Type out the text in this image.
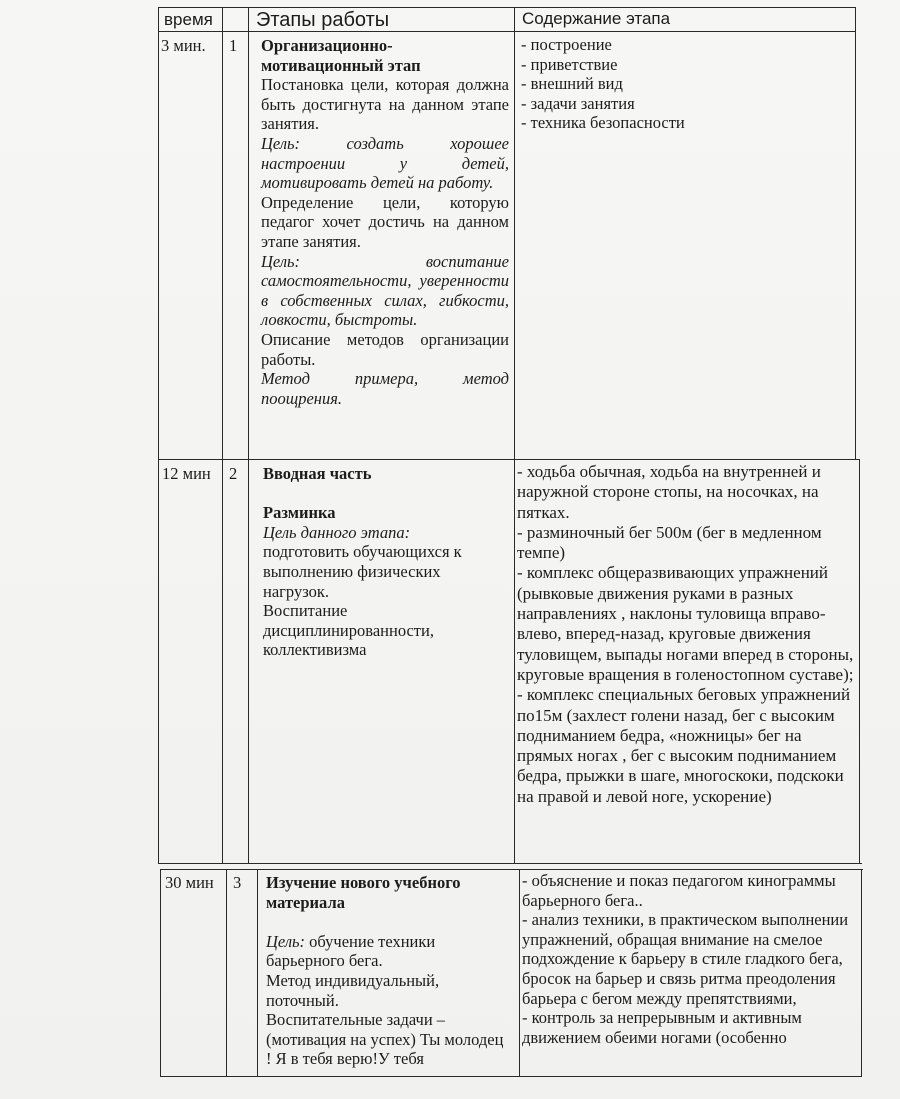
время Этапы работы	Содержание этапа
3 мин. 1 Организационно-мотивационный этап
Постановка цели, которая должна быть достигнута на данном этапе занятия.
Цель: создать хорошее настроении у детей, мотивировать детей на работу.
Определение цели, которую педагог хочет достичь на данном этапе занятия.
Цель: воспитание самостоятельности, уверенности в собственных силах, гибкости, ловкости, быстроты.
Описание методов организации работы.
Метод примера, метод поощрения.
- построение
- приветствие
- внешний вид
- задачи занятия
- техника безопасности
12 мин 2 Вводная часть
Разминка
Цель данного этапа:
подготовить обучающихся к выполнению физических нагрузок.
Воспитание дисциплинированности, коллективизма
- ходьба обычная, ходьба на внутренней и наружной стороне стопы, на носочках, на пятках.
- разминочный бег 500м (бег в медленном темпе)
- комплекс общеразвивающих упражнений (рывковые движения руками в разных направлениях , наклоны туловища вправо-влево, вперед-назад, круговые движения туловищем, выпады ногами вперед в стороны, круговые вращения в голеностопном суставе);
- комплекс специальных беговых упражнений по15м (захлест голени назад, бег с высоким подниманием бедра, «ножницы» бег на прямых ногах , бег с высоким подниманием бедра, прыжки в шаге, многоскоки, подскоки на правой и левой ноге, ускорение)
30 мин 3 Изучение нового учебного материала
Цель: обучение техники барьерного бега.
Метод индивидуальный, поточный.
Воспитательные задачи – (мотивация на успех) Ты молодец ! Я в тебя верю!У тебя
- объяснение и показ педагогом кинограммы барьерного бега..
- анализ техники, в практическом выполнении упражнений, обращая внимание на смелое подхождение к барьеру в стиле гладкого бега, бросок на барьер и связь ритма преодоления барьера с бегом между препятствиями,
- контроль за непрерывным и активным движением обеими ногами (особенно
